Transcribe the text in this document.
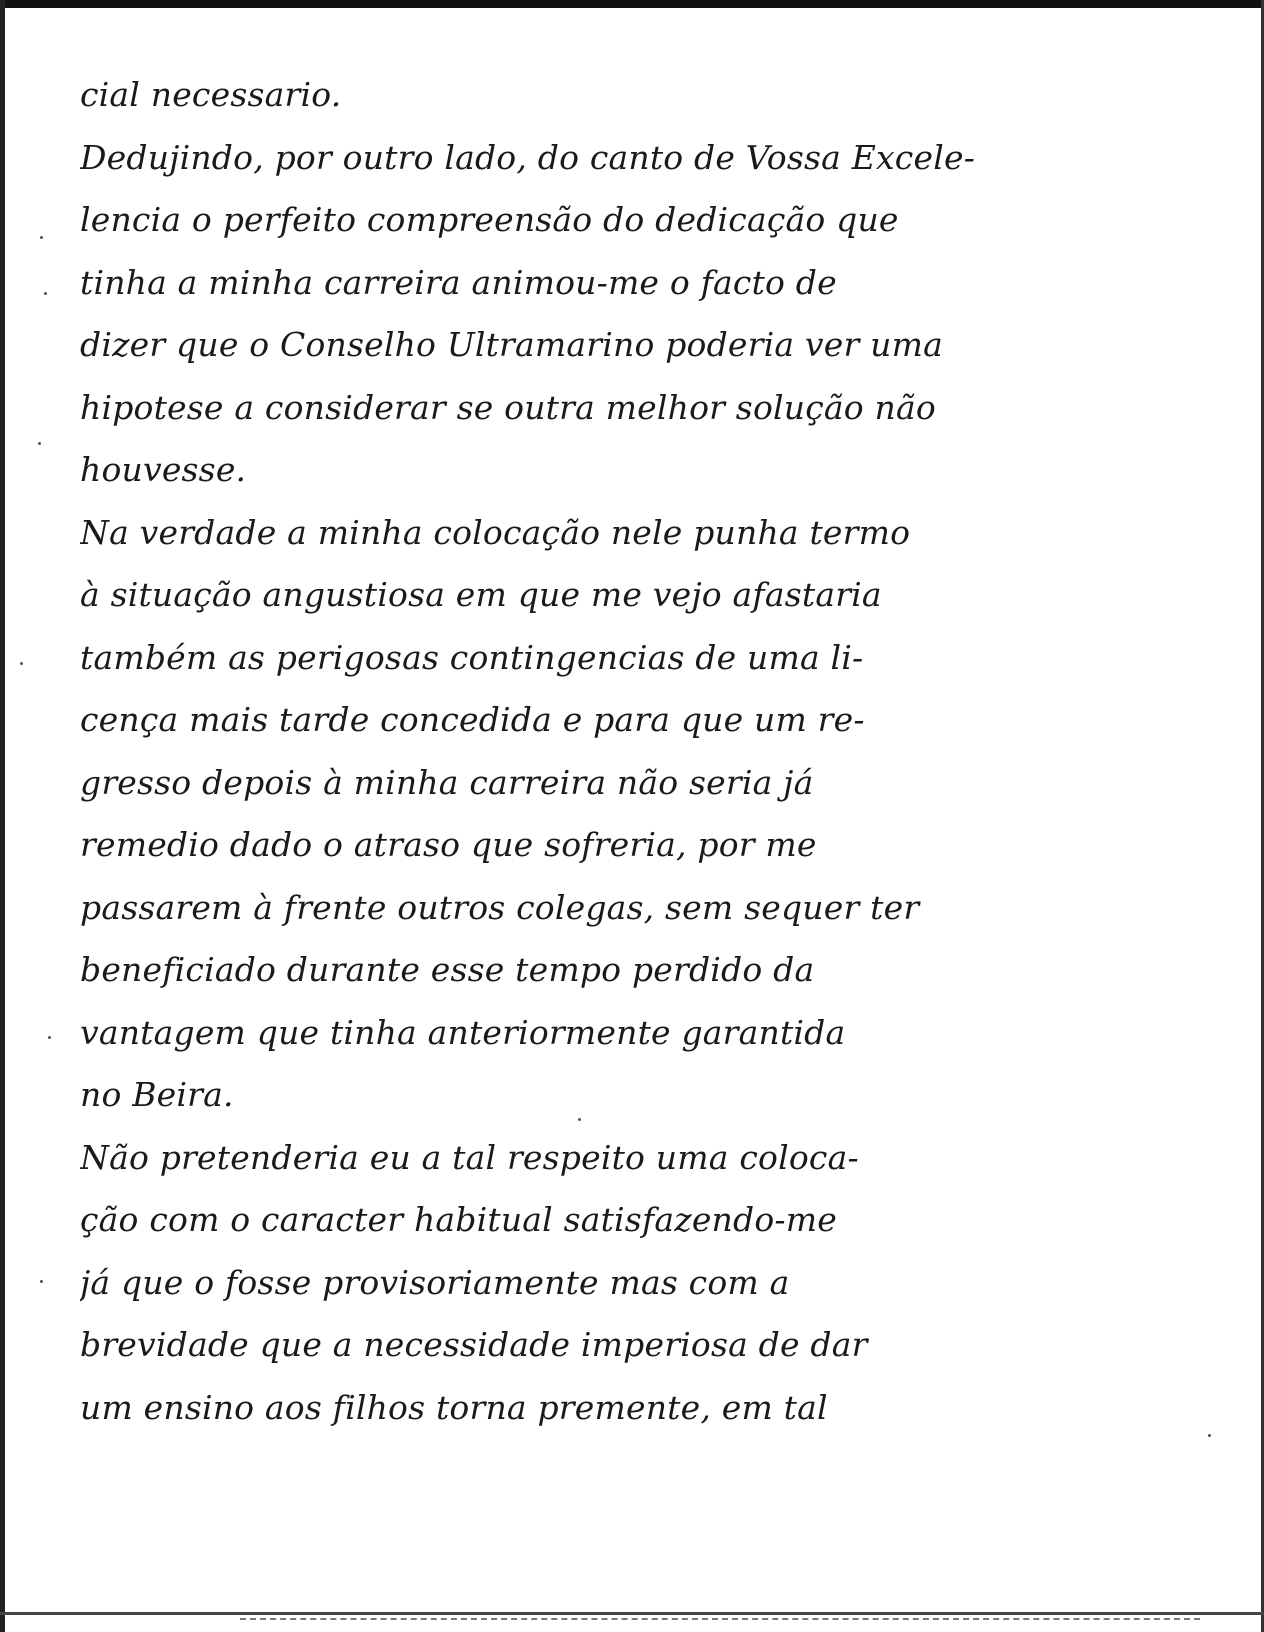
cial necessario.
Dedujindo, por outro lado, do canto de Vossa Excele-
lencia o perfeito compreensão do dedicação que
tinha a minha carreira animou-me o facto de
dizer que o Conselho Ultramarino poderia ver uma
hipotese a considerar se outra melhor solução não
houvesse.
Na verdade a minha colocação nele punha termo
à situação angustiosa em que me vejo afastaria
também as perigosas contingencias de uma li-
cença mais tarde concedida e para que um re-
gresso depois à minha carreira não seria já
remedio dado o atraso que sofreria, por me
passarem à frente outros colegas, sem sequer ter
beneficiado durante esse tempo perdido da
vantagem que tinha anteriormente garantida
no Beira.
Não pretenderia eu a tal respeito uma coloca-
ção com o caracter habitual satisfazendo-me
já que o fosse provisoriamente mas com a
brevidade que a necessidade imperiosa de dar
um ensino aos filhos torna premente, em tal
